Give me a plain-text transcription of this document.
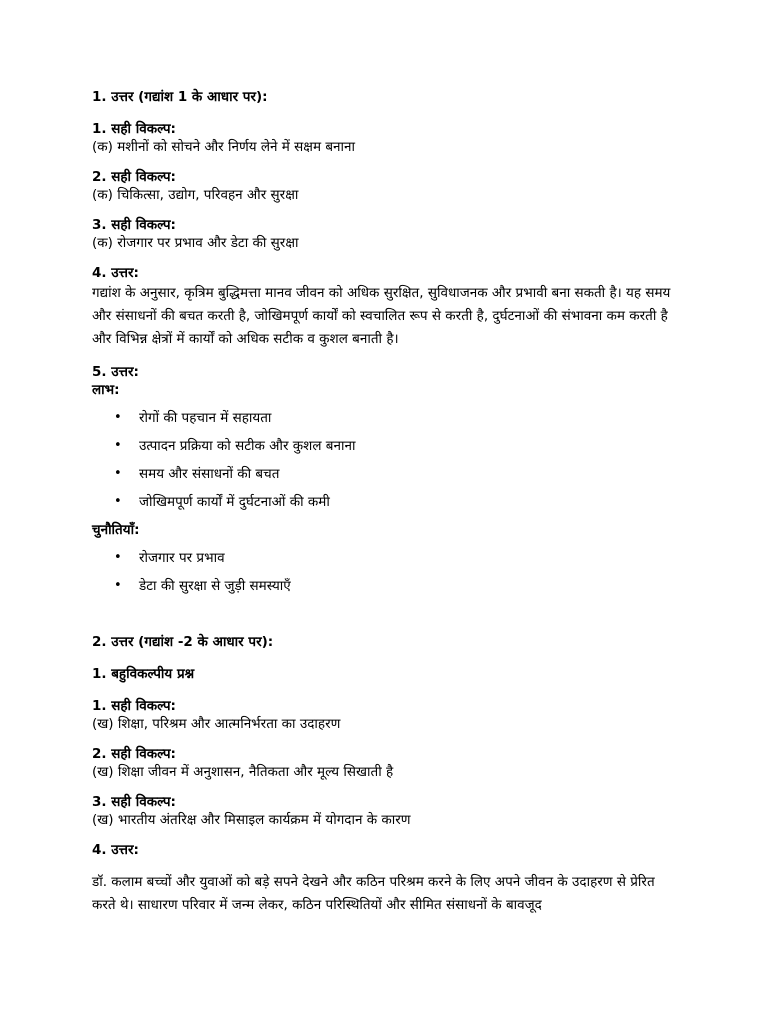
1. उत्तर (गद्यांश 1 के आधार पर):
1. सही विकल्प:
(क) मशीनों को सोचने और निर्णय लेने में सक्षम बनाना
2. सही विकल्प:
(क) चिकित्सा, उद्योग, परिवहन और सुरक्षा
3. सही विकल्प:
(क) रोजगार पर प्रभाव और डेटा की सुरक्षा
4. उत्तर:
गद्यांश के अनुसार, कृत्रिम बुद्धिमत्ता मानव जीवन को अधिक सुरक्षित, सुविधाजनक और प्रभावी बना सकती है। यह समय और संसाधनों की बचत करती है, जोखिमपूर्ण कार्यों को स्वचालित रूप से करती है, दुर्घटनाओं की संभावना कम करती है और विभिन्न क्षेत्रों में कार्यों को अधिक सटीक व कुशल बनाती है।
5. उत्तर:
लाभ:
• रोगों की पहचान में सहायता
• उत्पादन प्रक्रिया को सटीक और कुशल बनाना
• समय और संसाधनों की बचत
• जोखिमपूर्ण कार्यों में दुर्घटनाओं की कमी
चुनौतियाँ:
• रोजगार पर प्रभाव
• डेटा की सुरक्षा से जुड़ी समस्याएँ
2. उत्तर (गद्यांश -2 के आधार पर):
1. बहुविकल्पीय प्रश्न
1. सही विकल्प:
(ख) शिक्षा, परिश्रम और आत्मनिर्भरता का उदाहरण
2. सही विकल्प:
(ख) शिक्षा जीवन में अनुशासन, नैतिकता और मूल्य सिखाती है
3. सही विकल्प:
(ख) भारतीय अंतरिक्ष और मिसाइल कार्यक्रम में योगदान के कारण
4. उत्तर:
डॉ. कलाम बच्चों और युवाओं को बड़े सपने देखने और कठिन परिश्रम करने के लिए अपने जीवन के उदाहरण से प्रेरित करते थे। साधारण परिवार में जन्म लेकर, कठिन परिस्थितियों और सीमित संसाधनों के बावजूद
